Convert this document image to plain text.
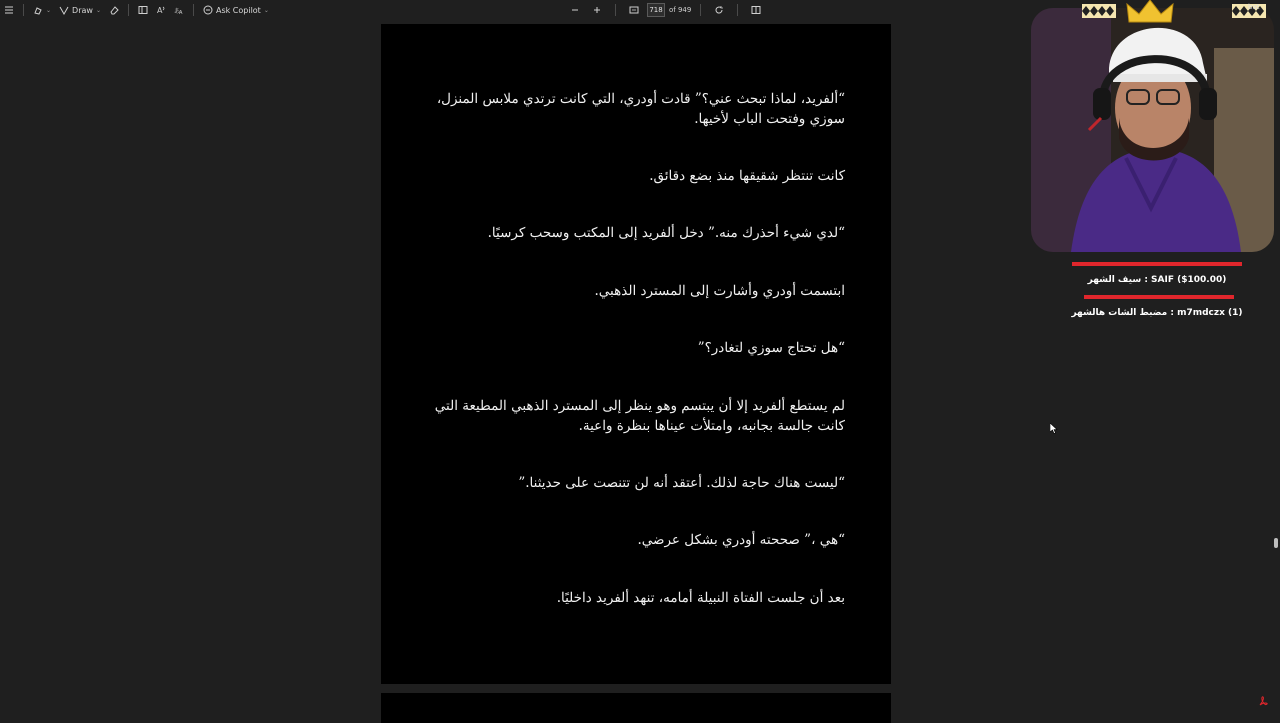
⌄	Draw ⌄	A あ
A	Ask Copilot ⌄
718	of 949
“ألفريد، لماذا تبحث عني؟” قادت أودري، التي كانت ترتدي ملابس المنزل، سوزي وفتحت الباب لأخيها.
كانت تنتظر شقيقها منذ بضع دقائق.
“لدي شيء أحذرك منه.” دخل ألفريد إلى المكتب وسحب كرسيًا.
ابتسمت أودري وأشارت إلى المسترد الذهبي.
“هل تحتاج سوزي لتغادر؟”
لم يستطع ألفريد إلا أن يبتسم وهو ينظر إلى المسترد الذهبي المطيعة التي كانت جالسة بجانبه، وامتلأت عيناها بنظرة واعية.
“ليست هناك حاجة لذلك. أعتقد أنه لن تتنصت على حديثنا.”
“هي ،” صححته أودري بشكل عرضي.
بعد أن جلست الفتاة النبيلة أمامه، تنهد ألفريد داخليًا.
bat
سيف الشهر : SAIF ($100.00)
مضبط الشات هالشهر : m7mdczx (1)
